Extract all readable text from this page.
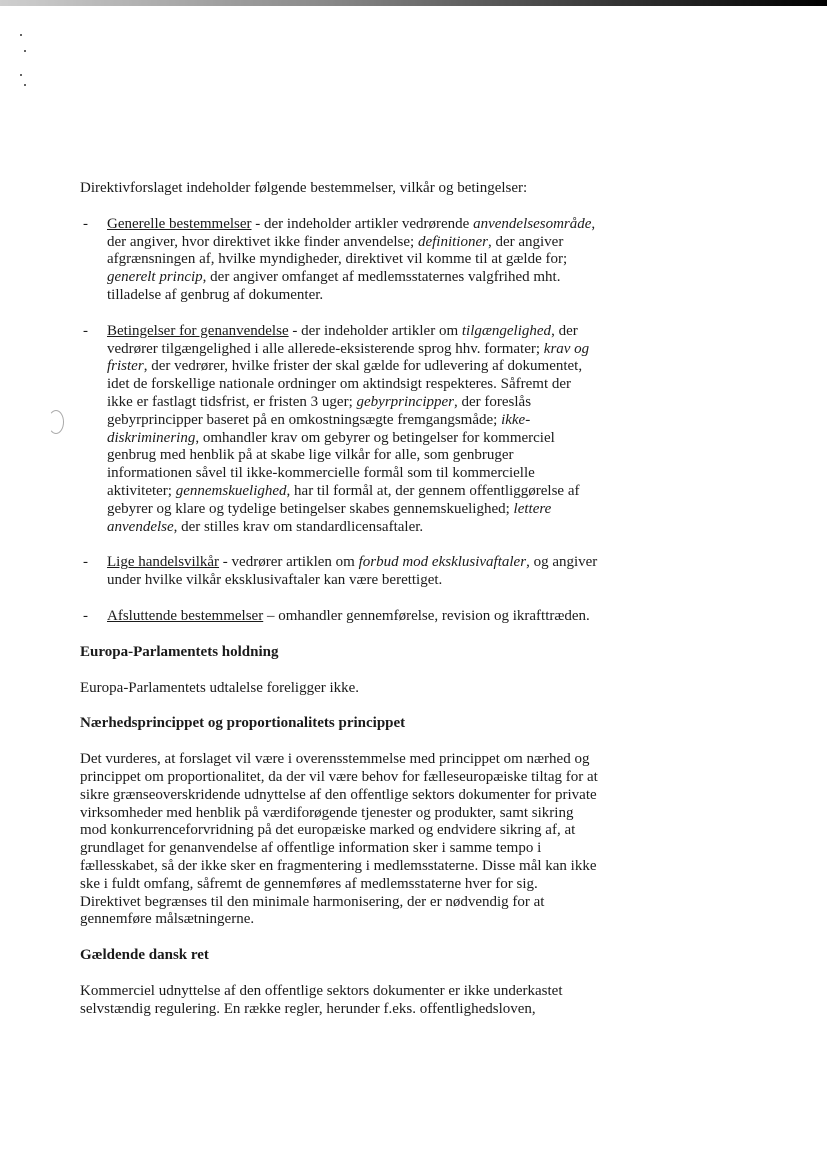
Direktivforslaget indeholder følgende bestemmelser, vilkår og betingelser:

- Generelle bestemmelser - der indeholder artikler vedrørende anvendelsesområde, der angiver, hvor direktivet ikke finder anvendelse; definitioner, der angiver afgrænsningen af, hvilke myndigheder, direktivet vil komme til at gælde for; generelt princip, der angiver omfanget af medlemsstaternes valgfrihed mht. tilladelse af genbrug af dokumenter.

- Betingelser for genanvendelse - der indeholder artikler om tilgængelighed, der vedrører tilgængelighed i alle allerede-eksisterende sprog hhv. formater; krav og frister, der vedrører, hvilke frister der skal gælde for udlevering af dokumentet, idet de forskellige nationale ordninger om aktindsigt respekteres. Såfremt der ikke er fastlagt tidsfrist, er fristen 3 uger; gebyrprincipper, der foreslås gebyrprincipper baseret på en omkostningsægte fremgangsmåde; ikke-diskriminering, omhandler krav om gebyrer og betingelser for kommerciel genbrug med henblik på at skabe lige vilkår for alle, som genbruger informationen såvel til ikke-kommercielle formål som til kommercielle aktiviteter; gennemskuelighed, har til formål at, der gennem offentliggørelse af gebyrer og klare og tydelige betingelser skabes gennemskuelighed; lettere anvendelse, der stilles krav om standardlicensaftaler.

- Lige handelsvilkår - vedrører artiklen om forbud mod eksklusivaftaler, og angiver under hvilke vilkår eksklusivaftaler kan være berettiget.

- Afsluttende bestemmelser – omhandler gennemførelse, revision og ikrafttræden.

Europa-Parlamentets holdning

Europa-Parlamentets udtalelse foreligger ikke.

Nærhedsprincippet og proportionalitets princippet

Det vurderes, at forslaget vil være i overensstemmelse med princippet om nærhed og princippet om proportionalitet, da der vil være behov for fælleseuropæiske tiltag for at sikre grænseoverskridende udnyttelse af den offentlige sektors dokumenter for private virksomheder med henblik på værdiforøgende tjenester og produkter, samt sikring mod konkurrenceforvridning på det europæiske marked og endvidere sikring af, at grundlaget for genanvendelse af offentlige information sker i samme tempo i fællesskabet, så der ikke sker en fragmentering i medlemsstaterne. Disse mål kan ikke ske i fuldt omfang, såfremt de gennemføres af medlemsstaterne hver for sig. Direktivet begrænses til den minimale harmonisering, der er nødvendig for at gennemføre målsætningerne.

Gældende dansk ret

Kommerciel udnyttelse af den offentlige sektors dokumenter er ikke underkastet selvstændig regulering. En række regler, herunder f.eks. offentlighedsloven,
